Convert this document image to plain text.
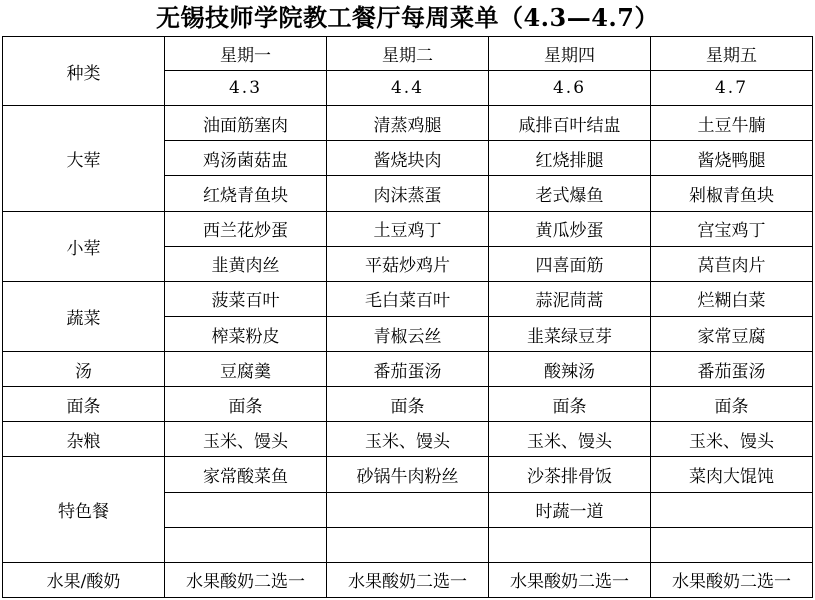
无锡技师学院教工餐厅每周菜单（4.3—4.7）
种类	星期一	星期二	星期四	星期五
	4.3	4.4	4.6	4.7
大荤	油面筋塞肉	清蒸鸡腿	咸排百叶结盅	土豆牛腩
	鸡汤菌菇盅	酱烧块肉	红烧排腿	酱烧鸭腿
	红烧青鱼块	肉沫蒸蛋	老式爆鱼	剁椒青鱼块
小荤	西兰花炒蛋	土豆鸡丁	黄瓜炒蛋	宫宝鸡丁
	韭黄肉丝	平菇炒鸡片	四喜面筋	莴苣肉片
蔬菜	菠菜百叶	毛白菜百叶	蒜泥茼蒿	烂糊白菜
	榨菜粉皮	青椒云丝	韭菜绿豆芽	家常豆腐
汤	豆腐羹	番茄蛋汤	酸辣汤	番茄蛋汤
面条	面条	面条	面条	面条
杂粮	玉米、馒头	玉米、馒头	玉米、馒头	玉米、馒头
特色餐	家常酸菜鱼	砂锅牛肉粉丝	沙茶排骨饭	菜肉大馄饨
			时蔬一道	

水果/酸奶	水果酸奶二选一	水果酸奶二选一	水果酸奶二选一	水果酸奶二选一
